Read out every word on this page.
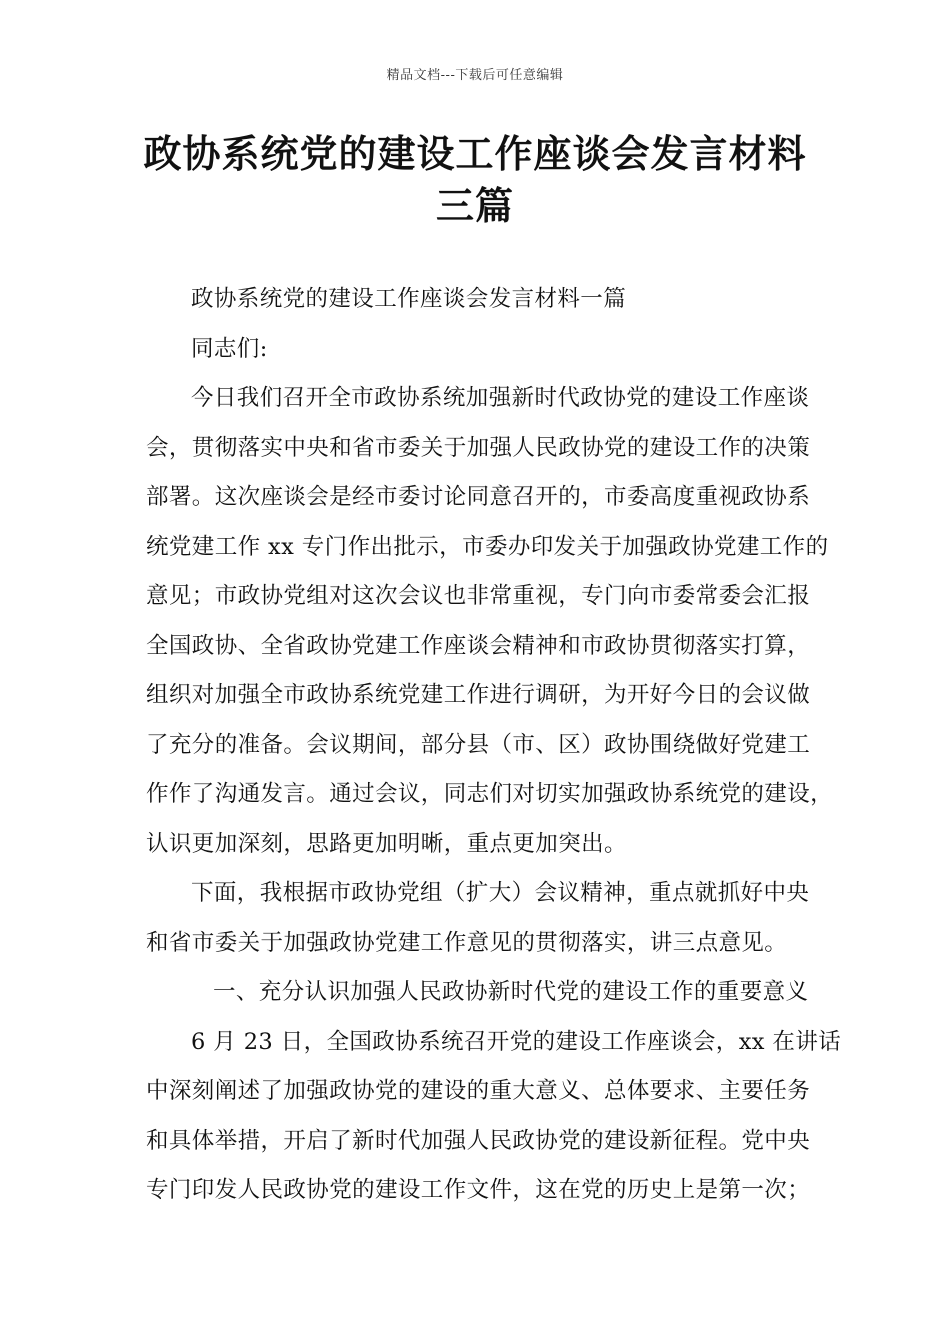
精品文档---下载后可任意编辑
政协系统党的建设工作座谈会发言材料
三篇
政协系统党的建设工作座谈会发言材料一篇
同志们:
今日我们召开全市政协系统加强新时代政协党的建设工作座谈
会，贯彻落实中央和省市委关于加强人民政协党的建设工作的决策
部署。这次座谈会是经市委讨论同意召开的，市委高度重视政协系
统党建工作 xx 专门作出批示，市委办印发关于加强政协党建工作的
意见；市政协党组对这次会议也非常重视，专门向市委常委会汇报
全国政协、全省政协党建工作座谈会精神和市政协贯彻落实打算，
组织对加强全市政协系统党建工作进行调研，为开好今日的会议做
了充分的准备。会议期间，部分县（市、区）政协围绕做好党建工
作作了沟通发言。通过会议，同志们对切实加强政协系统党的建设，
认识更加深刻，思路更加明晰，重点更加突出。
下面，我根据市政协党组（扩大）会议精神，重点就抓好中央
和省市委关于加强政协党建工作意见的贯彻落实，讲三点意见。
一、充分认识加强人民政协新时代党的建设工作的重要意义
6 月 23 日，全国政协系统召开党的建设工作座谈会，xx 在讲话
中深刻阐述了加强政协党的建设的重大意义、总体要求、主要任务
和具体举措，开启了新时代加强人民政协党的建设新征程。党中央
专门印发人民政协党的建设工作文件，这在党的历史上是第一次；
